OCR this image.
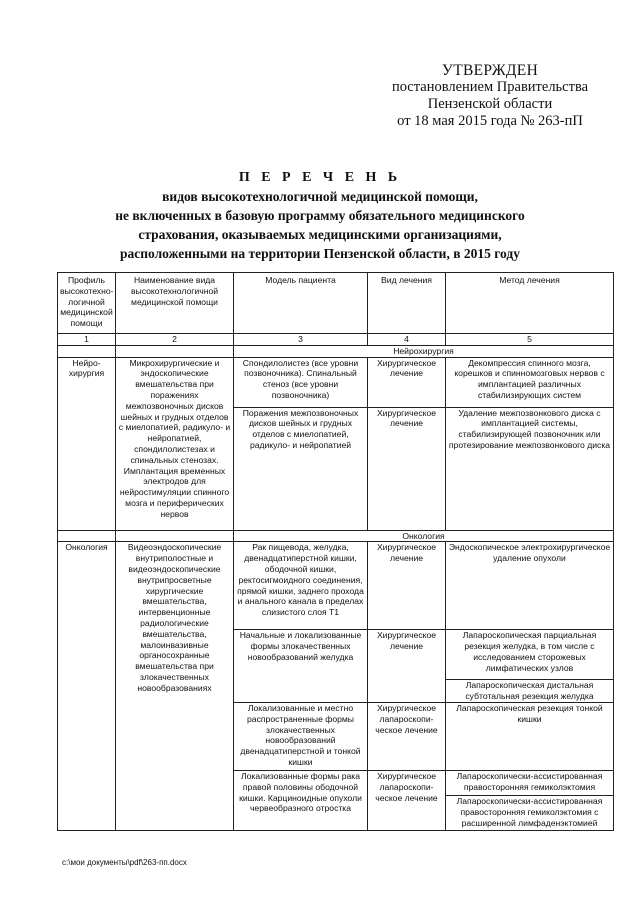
УТВЕРЖДЕН
постановлением Правительства
Пензенской области
от 18 мая 2015 года № 263-пП
П Е Р Е Ч Е Н Ь
видов высокотехнологичной медицинской помощи,
не включенных в базовую программу обязательного медицинского
страхования, оказываемых медицинскими организациями,
расположенными на территории Пензенской области, в 2015 году
Профиль высокотехно-логичной медицинской помощи	Наименование вида высокотехнологичной медицинской помощи	Модель пациента	Вид лечения	Метод лечения
1	2	3	4	5
		Нейрохирургия		
Нейро-хирургия	Микрохирургические и эндоскопические вмешательства при поражениях межпозвоночных дисков шейных и грудных отделов с миелопатией, радикуло- и нейропатией, спондилолистезах и спинальных стенозах. Имплантация временных электродов для нейростимуляции спинного мозга и периферических нервов	Спондилолистез (все уровни позвоночника). Спинальный стеноз (все уровни позвоночника)	Хирургическое лечение	Декомпрессия спинного мозга, корешков и спинномозговых нервов с имплантацией различных стабилизирующих систем
		Поражения межпозвоночных дисков шейных и грудных отделов с миелопатией, радикуло- и нейропатией	Хирургическое лечение	Удаление межпозвонкового диска с имплантацией системы, стабилизирующей позвоночник или протезирование межпозвонкового диска
		Онкология		
Онкология	Видеоэндоскопические внутриполостные и видеоэндоскопические внутрипросветные хирургические вмешательства, интервенционные радиологические вмешательства, малоинвазивные органосохранные вмешательства при злокачественных новообразованиях	Рак пищевода, желудка, двенадцатиперстной кишки, ободочной кишки, ректосигмоидного соединения, прямой кишки, заднего прохода и анального канала в пределах слизистого слоя T1	Хирургическое лечение	Эндоскопическое электрохирургическое удаление опухоли
		Начальные и локализованные формы злокачественных новообразований желудка	Хирургическое лечение	Лапароскопическая парциальная резекция желудка, в том числе с исследованием сторожевых лимфатических узлов
				Лапароскопическая дистальная субтотальная резекция желудка
		Локализованные и местно распространенные формы злокачественных новообразований двенадцатиперстной и тонкой кишки	Хирургическое лапароскопи-ческое лечение	Лапароскопическая резекция тонкой кишки
		Локализованные формы рака правой половины ободочной кишки. Карциноидные опухоли червеобразного отростка	Хирургическое лапароскопи-ческое лечение	Лапароскопически-ассистированная правосторонняя гемиколэктомия
				Лапароскопически-ассистированная правосторонняя гемиколэктомия с расширенной лимфаденэктомией
c:\мои документы\pdf\263-пп.docx
